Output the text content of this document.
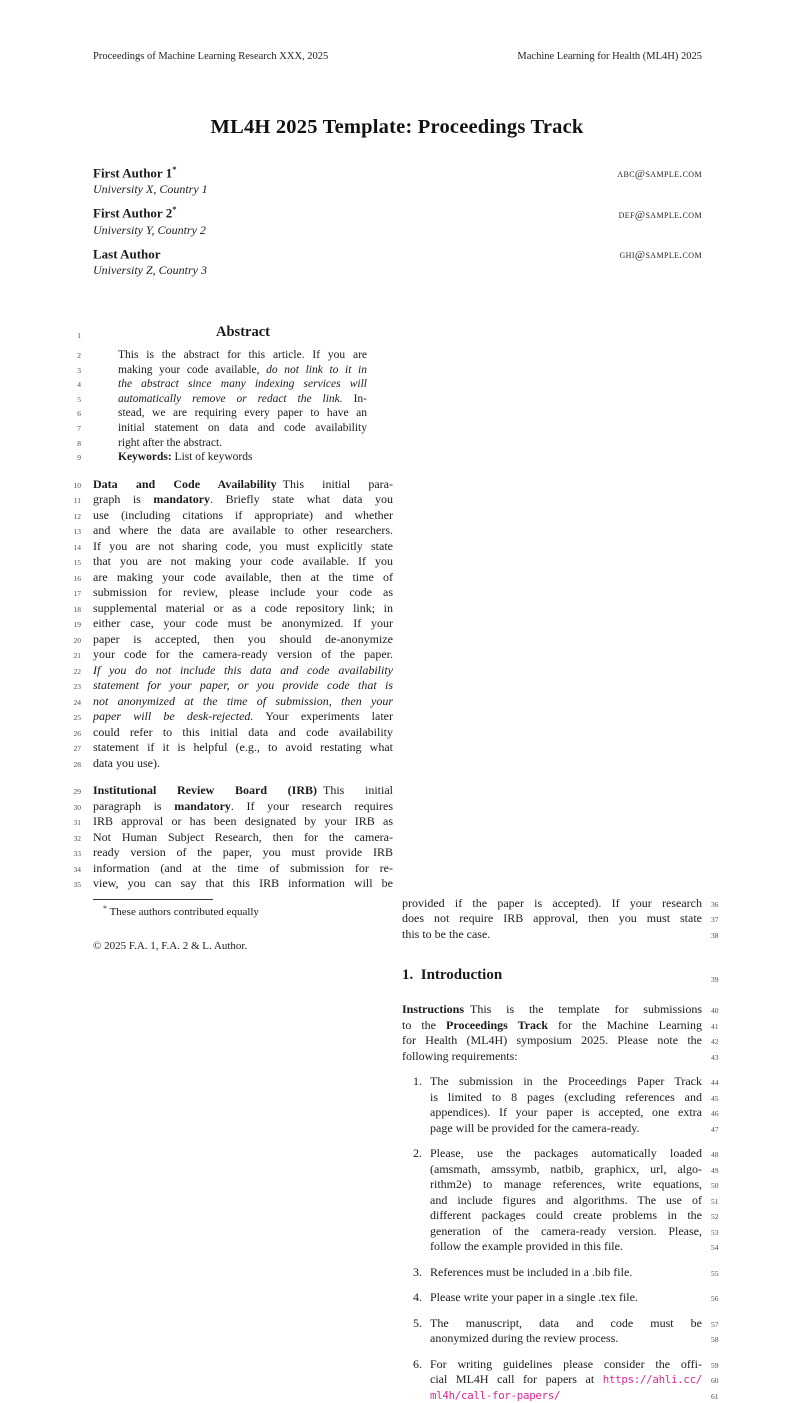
Proceedings of Machine Learning Research XXX, 2025	Machine Learning for Health (ML4H) 2025
ML4H 2025 Template: Proceedings Track
First Author 1*	abc@sample.com
University X, Country 1
First Author 2*	def@sample.com
University Y, Country 2
Last Author	ghi@sample.com
University Z, Country 3
Abstract
This is the abstract for this article. If you are
making your code available, do not link to it in
the abstract since many indexing services will
automatically remove or redact the link. In-
stead, we are requiring every paper to have an
initial statement on data and code availability
right after the abstract.
Keywords: List of keywords
Data and Code Availability This initial para-
graph is mandatory. Briefly state what data you
use (including citations if appropriate) and whether
and where the data are available to other researchers.
If you are not sharing code, you must explicitly state
that you are not making your code available. If you
are making your code available, then at the time of
submission for review, please include your code as
supplemental material or as a code repository link; in
either case, your code must be anonymized. If your
paper is accepted, then you should de-anonymize
your code for the camera-ready version of the paper.
If you do not include this data and code availability
statement for your paper, or you provide code that is
not anonymized at the time of submission, then your
paper will be desk-rejected. Your experiments later
could refer to this initial data and code availability
statement if it is helpful (e.g., to avoid restating what
data you use).
Institutional Review Board (IRB) This initial
paragraph is mandatory. If your research requires
IRB approval or has been designated by your IRB as
Not Human Subject Research, then for the camera-
ready version of the paper, you must provide IRB
information (and at the time of submission for re-
view, you can say that this IRB information will be
1
2
3
4
5
6
7
8
9
10
11
12
13
14
15
16
17
18
19
20
21
22
23
24
25
26
27
28
29
30
31
32
33
34
35
provided if the paper is accepted). If your research
does not require IRB approval, then you must state
this to be the case.
1. Introduction
Instructions This is the template for submissions
to the Proceedings Track for the Machine Learning
for Health (ML4H) symposium 2025. Please note the
following requirements:
The submission in the Proceedings Paper Track
is limited to 8 pages (excluding references and
appendices). If your paper is accepted, one extra
page will be provided for the camera-ready.
Please, use the packages automatically loaded
(amsmath, amssymb, natbib, graphicx, url, algo-
rithm2e) to manage references, write equations,
and include figures and algorithms. The use of
different packages could create problems in the
generation of the camera-ready version. Please,
follow the example provided in this file.
References must be included in a .bib file.
Please write your paper in a single .tex file.
The manuscript, data and code must be
anonymized during the review process.
For writing guidelines please consider the offi-
cial ML4H call for papers at https://ahli.cc/
ml4h/call-for-papers/
36
37
38
39
40
41
42
43
44
45
46
47
48
49
50
51
52
53
54
55
56
57
58
59
60
61
1.
2.
3.
4.
5.
6.
* These authors contributed equally
© 2025 F.A. 1, F.A. 2 & L. Author.
